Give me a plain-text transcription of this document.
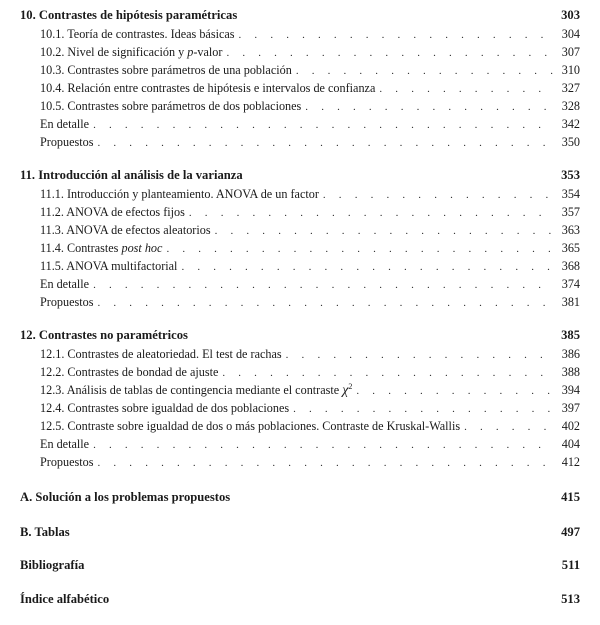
10. Contrastes de hipótesis paramétricas	303
10.1. Teoría de contrastes. Ideas básicas . . .	304
10.2. Nivel de significación y p-valor . . .	307
10.3. Contrastes sobre parámetros de una población . . .	310
10.4. Relación entre contrastes de hipótesis e intervalos de confianza . . .	327
10.5. Contrastes sobre parámetros de dos poblaciones . . .	328
En detalle . . .	342
Propuestos . . .	350
11. Introducción al análisis de la varianza	353
11.1. Introducción y planteamiento. ANOVA de un factor . . .	354
11.2. ANOVA de efectos fijos . . .	357
11.3. ANOVA de efectos aleatorios . . .	363
11.4. Contrastes post hoc . . .	365
11.5. ANOVA multifactorial . . .	368
En detalle . . .	374
Propuestos . . .	381
12. Contrastes no paramétricos	385
12.1. Contrastes de aleatoriedad. El test de rachas . . .	386
12.2. Contrastes de bondad de ajuste . . .	388
12.3. Análisis de tablas de contingencia mediante el contraste $\chi^2$ . . .	394
12.4. Contrastes sobre igualdad de dos poblaciones . . .	397
12.5. Contraste sobre igualdad de dos o más poblaciones. Contraste de Kruskal-Wallis . . .	402
En detalle . . .	404
Propuestos . . .	412
A. Solución a los problemas propuestos	415
B. Tablas	497
Bibliografía	511
Índice alfabético	513
